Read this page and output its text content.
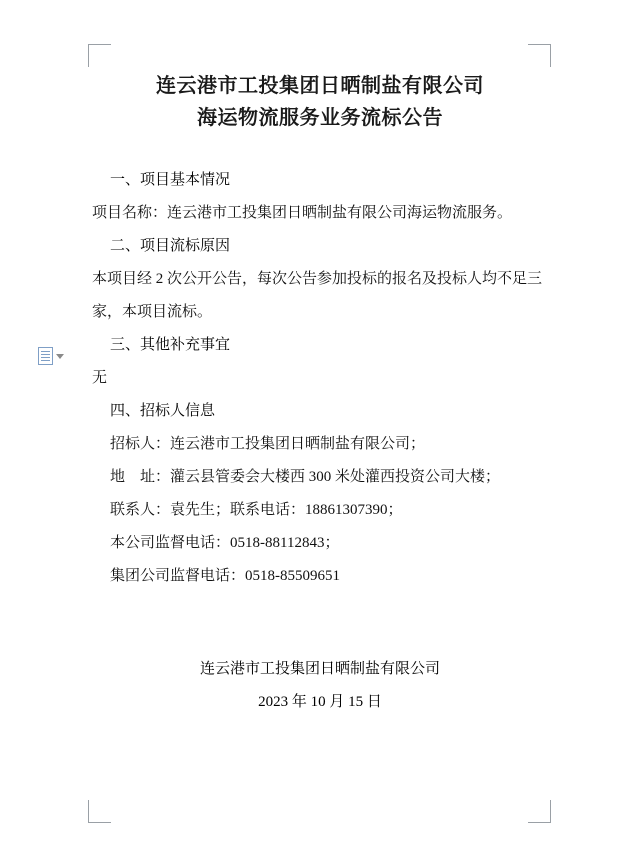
连云港市工投集团日晒制盐有限公司
海运物流服务业务流标公告

一、项目基本情况

项目名称：连云港市工投集团日晒制盐有限公司海运物流服务。

二、项目流标原因

本项目经 2 次公开公告，每次公告参加投标的报名及投标人均不足三家，本项目流标。

三、其他补充事宜

无

四、招标人信息

招标人：连云港市工投集团日晒制盐有限公司；

地    址：灌云县管委会大楼西 300 米处灌西投资公司大楼；

联系人：袁先生；联系电话：18861307390；

本公司监督电话：0518-88112843；

集团公司监督电话：0518-85509651

连云港市工投集团日晒制盐有限公司
2023 年 10 月 15 日
